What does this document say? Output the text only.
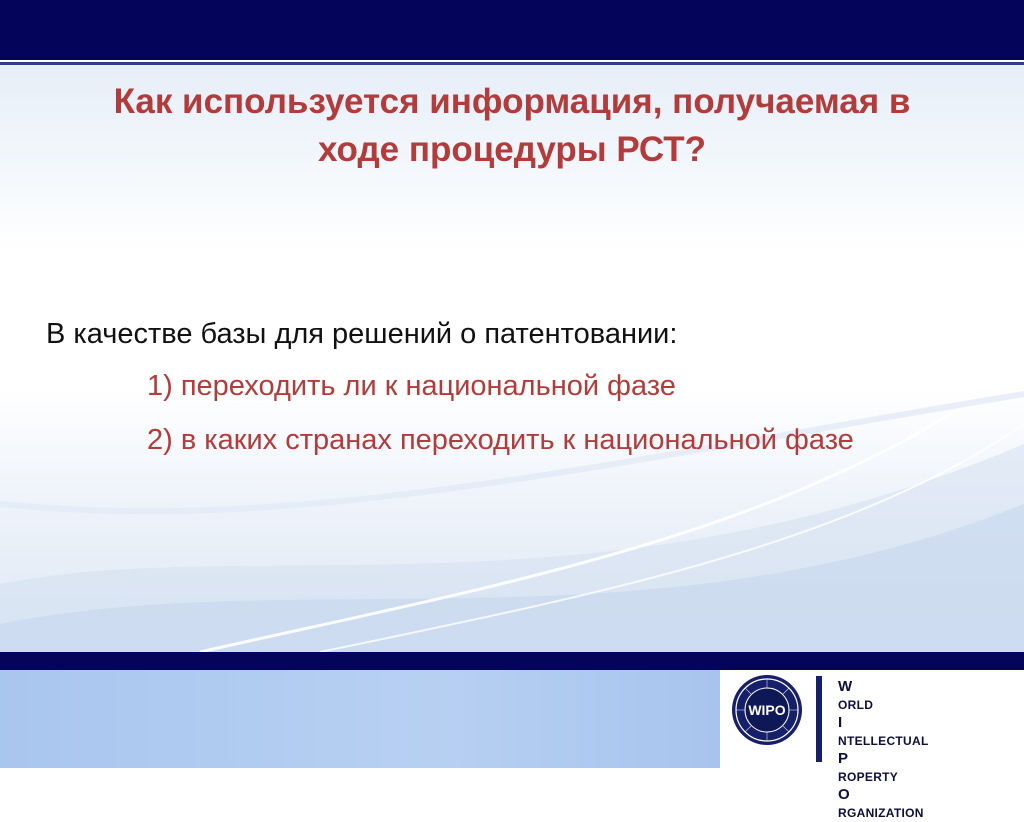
Как используется информация, получаемая в
ходе процедуры РСТ?
В качестве базы для решений о патентовании:
1) переходить ли к национальной фазе
2) в каких странах переходить к национальной фазе
WIPO
W
ORLD
I
NTELLECTUAL
P
ROPERTY
O
RGANIZATION
